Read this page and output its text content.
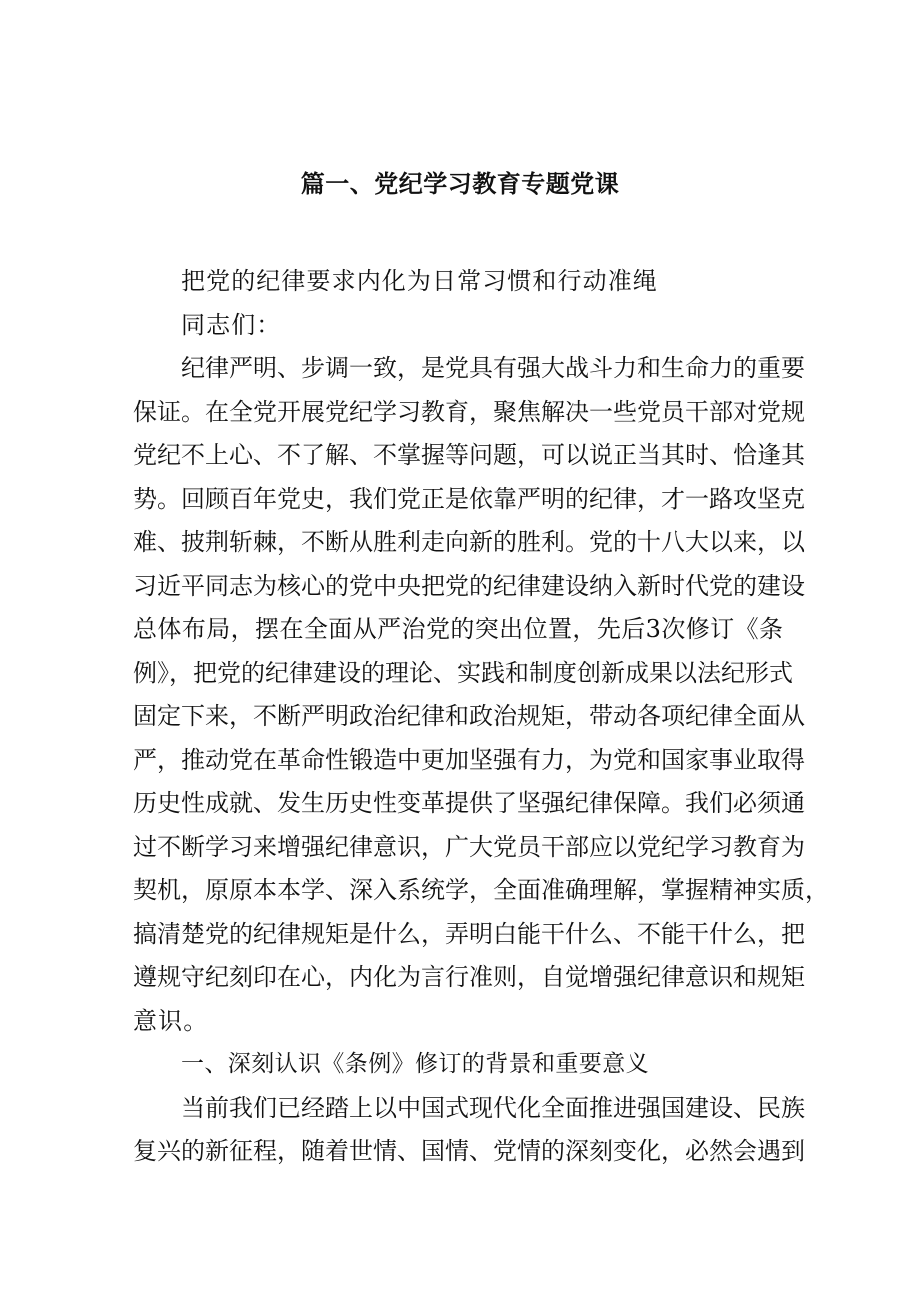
篇一、党纪学习教育专题党课
把党的纪律要求内化为日常习惯和行动准绳
同志们：
纪律严明、步调一致，是党具有强大战斗力和生命力的重要
保证。在全党开展党纪学习教育，聚焦解决一些党员干部对党规
党纪不上心、不了解、不掌握等问题，可以说正当其时、恰逢其
势。回顾百年党史，我们党正是依靠严明的纪律，才一路攻坚克
难、披荆斩棘，不断从胜利走向新的胜利。党的十八大以来，以
习近平同志为核心的党中央把党的纪律建设纳入新时代党的建设
总体布局，摆在全面从严治党的突出位置，先后3次修订《条
例》，把党的纪律建设的理论、实践和制度创新成果以法纪形式
固定下来，不断严明政治纪律和政治规矩，带动各项纪律全面从
严，推动党在革命性锻造中更加坚强有力，为党和国家事业取得
历史性成就、发生历史性变革提供了坚强纪律保障。我们必须通
过不断学习来增强纪律意识，广大党员干部应以党纪学习教育为
契机，原原本本学、深入系统学，全面准确理解，掌握精神实质，
搞清楚党的纪律规矩是什么，弄明白能干什么、不能干什么，把
遵规守纪刻印在心，内化为言行准则，自觉增强纪律意识和规矩
意识。
一、深刻认识《条例》修订的背景和重要意义
当前我们已经踏上以中国式现代化全面推进强国建设、民族
复兴的新征程，随着世情、国情、党情的深刻变化，必然会遇到
